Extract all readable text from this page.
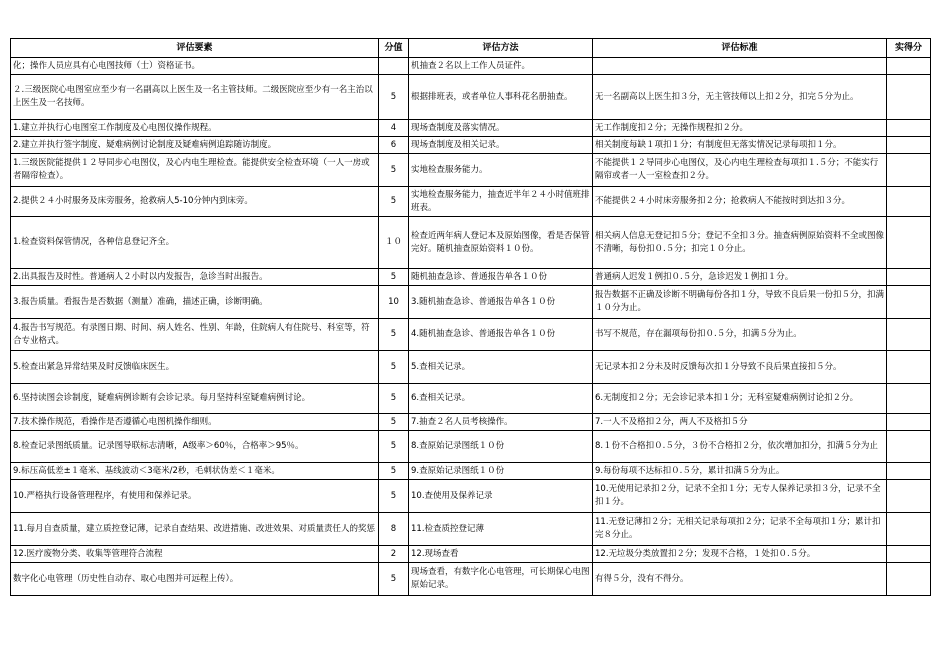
评估要素	分值	评估方法	评估标准	实得分
化；操作人员应具有心电图技师（士）资格证书。		机抽查２名以上工作人员证件。		
２.三级医院心电图室应至少有一名副高以上医生及一名主管技师。二级医院应至少有一名主治以上医生及一名技师。	5	根据排班表，或者单位人事科花名册抽查。	无一名副高以上医生扣３分，无主管技师以上扣２分，扣完５分为止。	
1.建立并执行心电图室工作制度及心电图仪操作规程。	4	现场查制度及落实情况。	无工作制度扣２分；无操作规程扣２分。	
2.建立并执行签字制度、疑难病例讨论制度及疑难病例追踪随访制度。	6	现场查制度及相关记录。	相关制度每缺１项扣１分；有制度但无落实情况记录每项扣１分。	
1.三级医院能提供１２导同步心电图仪，及心内电生理检查。能提供安全检查环境（一人一房或者隔帘检查）。	5	实地检查服务能力。	不能提供１２导同步心电图仪，及心内电生理检查每项扣１.５分；不能实行隔帘或者一人一室检查扣２分。	
2.提供２４小时服务及床旁服务，抢救病人5-10分钟内到床旁。	5	实地检查服务能力，抽查近半年２４小时值班排班表。	不能提供２４小时床旁服务扣２分；抢救病人不能按时到达扣３分。	
1.检查资料保管情况，各种信息登记齐全。	１０	检查近两年病人登记本及原始图像，看是否保管完好。随机抽查原始资料１０份。	相关病人信息无登记扣５分；登记不全扣３分。抽查病例原始资料不全或图像不清晰，每份扣０.５分；扣完１０分止。	
2.出具报告及时性。普通病人２小时以内发报告，急诊当时出报告。	5	随机抽查急诊、普通报告单各１０份	普通病人迟发１例扣０.５分，急诊迟发１例扣１分。	
3.报告质量。看报告是否数据（测量）准确，描述正确，诊断明确。	10	3.随机抽查急诊、普通报告单各１０份	报告数据不正确及诊断不明确每份各扣１分，导致不良后果一份扣５分，扣满１０分为止。	
4.报告书写规范。有录图日期、时间、病人姓名、性别、年龄，住院病人有住院号、科室等，符合专业格式。	5	4.随机抽查急诊、普通报告单各１０份	书写不规范，存在漏项每份扣０.５分，扣满５分为止。	
5.检查出紧急异常结果及时反馈临床医生。	5	5.查相关记录。	无记录本扣２分未及时反馈每次扣１分导致不良后果直接扣５分。	
6.坚持读图会诊制度，疑难病例诊断有会诊记录。每月坚持科室疑难病例讨论。	5	6.查相关记录。	6.无制度扣２分；无会诊记录本扣１分；无科室疑难病例讨论扣２分。	
7.技术操作规范，看操作是否遵循心电图机操作细则。	5	7.抽查２名人员考核操作。	7.一人不及格扣２分，两人不及格扣５分	
8.检查记录图纸质量。记录图导联标志清晰，A级率＞60％，合格率＞95％。	5	8.查原始记录图纸１０份	8.１份不合格扣０.５分，３份不合格扣２分，依次增加扣分，扣满５分为止	
9.标压高低差±１毫米、基线波动＜3毫米/2秒，毛刺状伪差＜１毫米。	5	9.查原始记录图纸１０份	9.每份每项不达标扣０.５分，累计扣满５分为止。	
10.严格执行设备管理程序，有使用和保养记录。	5	10.查使用及保养记录	10.无使用记录扣２分，记录不全扣１分；无专人保养记录扣３分，记录不全扣１分。	
11.每月自查质量，建立质控登记薄，记录自查结果、改进措施、改进效果、对质量责任人的奖惩	8	11.检查质控登记薄	11.无登记薄扣２分；无相关记录每项扣２分；记录不全每项扣１分；累计扣完８分止。	
12.医疗废物分类、收集等管理符合流程	2	12.现场查看	12.无垃圾分类放置扣２分；发现不合格，１处扣０.５分。	
数字化心电管理（历史性自动存、取心电图并可远程上传）。	5	现场查看，有数字化心电管理，可长期保心电图原始记录。	有得５分，没有不得分。	
